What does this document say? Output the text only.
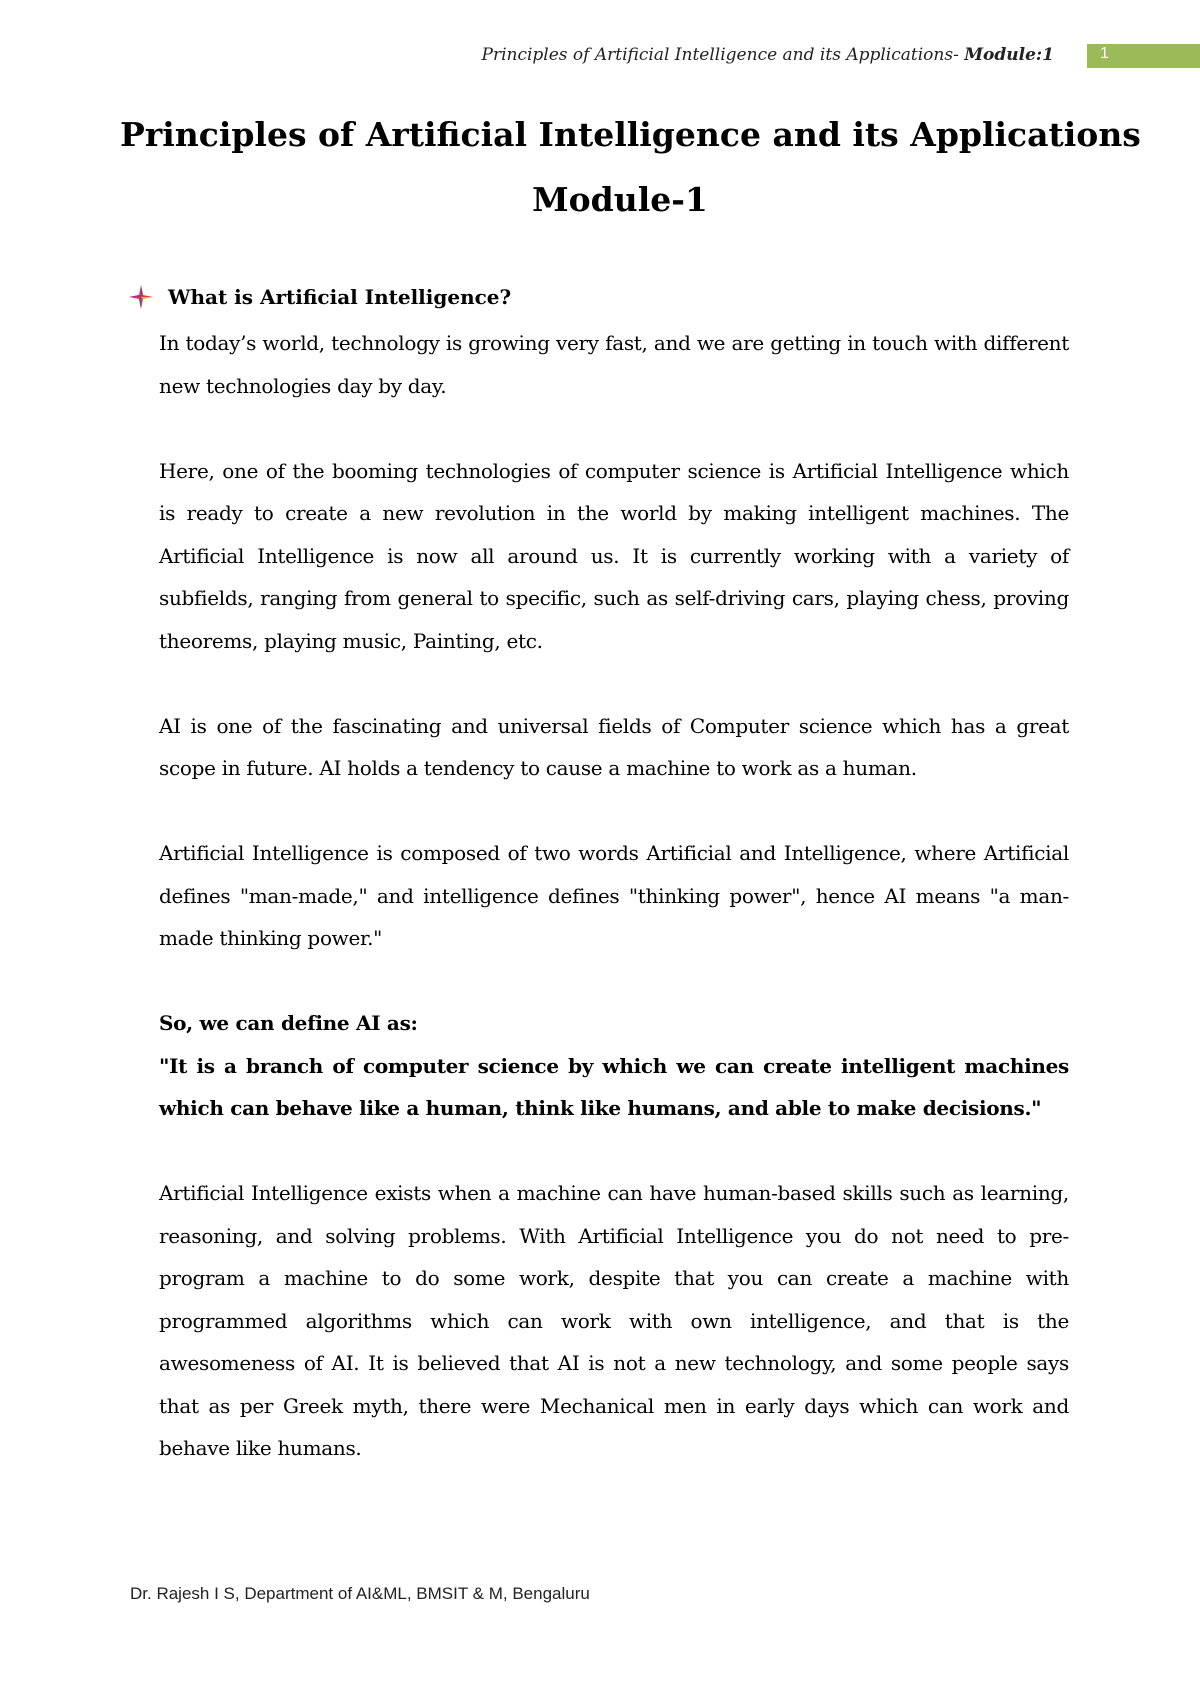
Principles of Artificial Intelligence and its Applications- Module:1	1
Principles of Artificial Intelligence and its Applications
Module-1
What is Artificial Intelligence?

In today’s world, technology is growing very fast, and we are getting in touch with different new technologies day by day.

Here, one of the booming technologies of computer science is Artificial Intelligence which is ready to create a new revolution in the world by making intelligent machines. The Artificial Intelligence is now all around us. It is currently working with a variety of subfields, ranging from general to specific, such as self-driving cars, playing chess, proving theorems, playing music, Painting, etc.

AI is one of the fascinating and universal fields of Computer science which has a great scope in future. AI holds a tendency to cause a machine to work as a human.

Artificial Intelligence is composed of two words Artificial and Intelligence, where Artificial defines "man-made," and intelligence defines "thinking power", hence AI means "a man-made thinking power."

So, we can define AI as:

"It is a branch of computer science by which we can create intelligent machines which can behave like a human, think like humans, and able to make decisions."

Artificial Intelligence exists when a machine can have human-based skills such as learning, reasoning, and solving problems. With Artificial Intelligence you do not need to pre-program a machine to do some work, despite that you can create a machine with programmed algorithms which can work with own intelligence, and that is the awesomeness of AI. It is believed that AI is not a new technology, and some people says that as per Greek myth, there were Mechanical men in early days which can work and behave like humans.

Dr. Rajesh I S, Department of AI&ML, BMSIT & M, Bengaluru
